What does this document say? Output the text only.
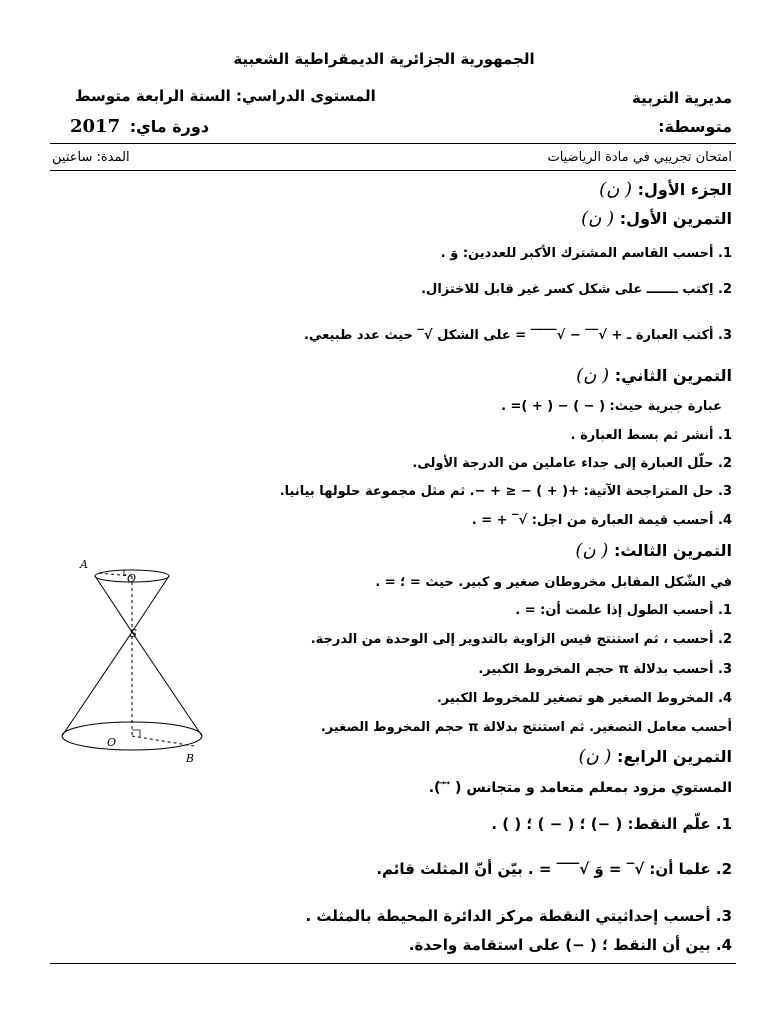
الجمهورية الجزائرية الديمقراطية الشعبية
مديرية التربية
المستوى الدراسي: السنة الرابعة متوسط
متوسطة:
دورة ماي: 2017
امتحان تجريبي في مادة الرياضيات
المدة: ساعتين
الجزء الأول: ( ن)
التمرين الأول: ( ن)
1. أحسب القاسم المشترك الأكبر للعددين: وَ .
2. اِكتب ـــــــ على شكل كسر غير قابل للاختزال.
3. أكتب العبارة ـ + √‾‾ − √‾‾‾‾ = على الشكل √‾ حيث عدد طبيعي.
التمرين الثاني: ( ن)
عبارة جبرية حيث: ( − ) − ( + )= .
1. أنشر ثم بسط العبارة .
2. حلّل العبارة إلى جداء عاملين من الدرجة الأولى.
3. حل المتراجحة الآتية: +( + ) − ≤ + −. ثم مثل مجموعة حلولها بيانيا.
4. أحسب قيمة العبارة من اجل: √‾ + = .
التمرين الثالث: ( ن)
في الشّكل المقابل مخروطان صغير و كبير. حيث = ؛ = .
1. أحسب الطول إذا علمت أن: = .
2. أحسب ، ثم استنتج قيس الزاوية بالتدوير إلى الوحدة من الدرجة.
3. أحسب بدلالة π حجم المخروط الكبير.
4. المخروط الصغير هو تصغير للمخروط الكبير.
أحسب معامل التصغير. ثم استنتج بدلالة π حجم المخروط الصغير.
التمرين الرابع: ( ن)
المستوي مزود بمعلم متعامد و متجانس ( ⃗ ⃗ ).
1. علّم النقط: ( −) ؛ ( − ) ؛ ( ) .
2. علما أن: √‾ = وَ √‾‾‾ = . بيّن أنّ المثلث قائم.
3. أحسب إحداثيتي النقطة مركز الدائرة المحيطة بالمثلث .
4. بين أن النقط ؛ ( −) على استقامة واحدة.
A
O′
S
O
B
